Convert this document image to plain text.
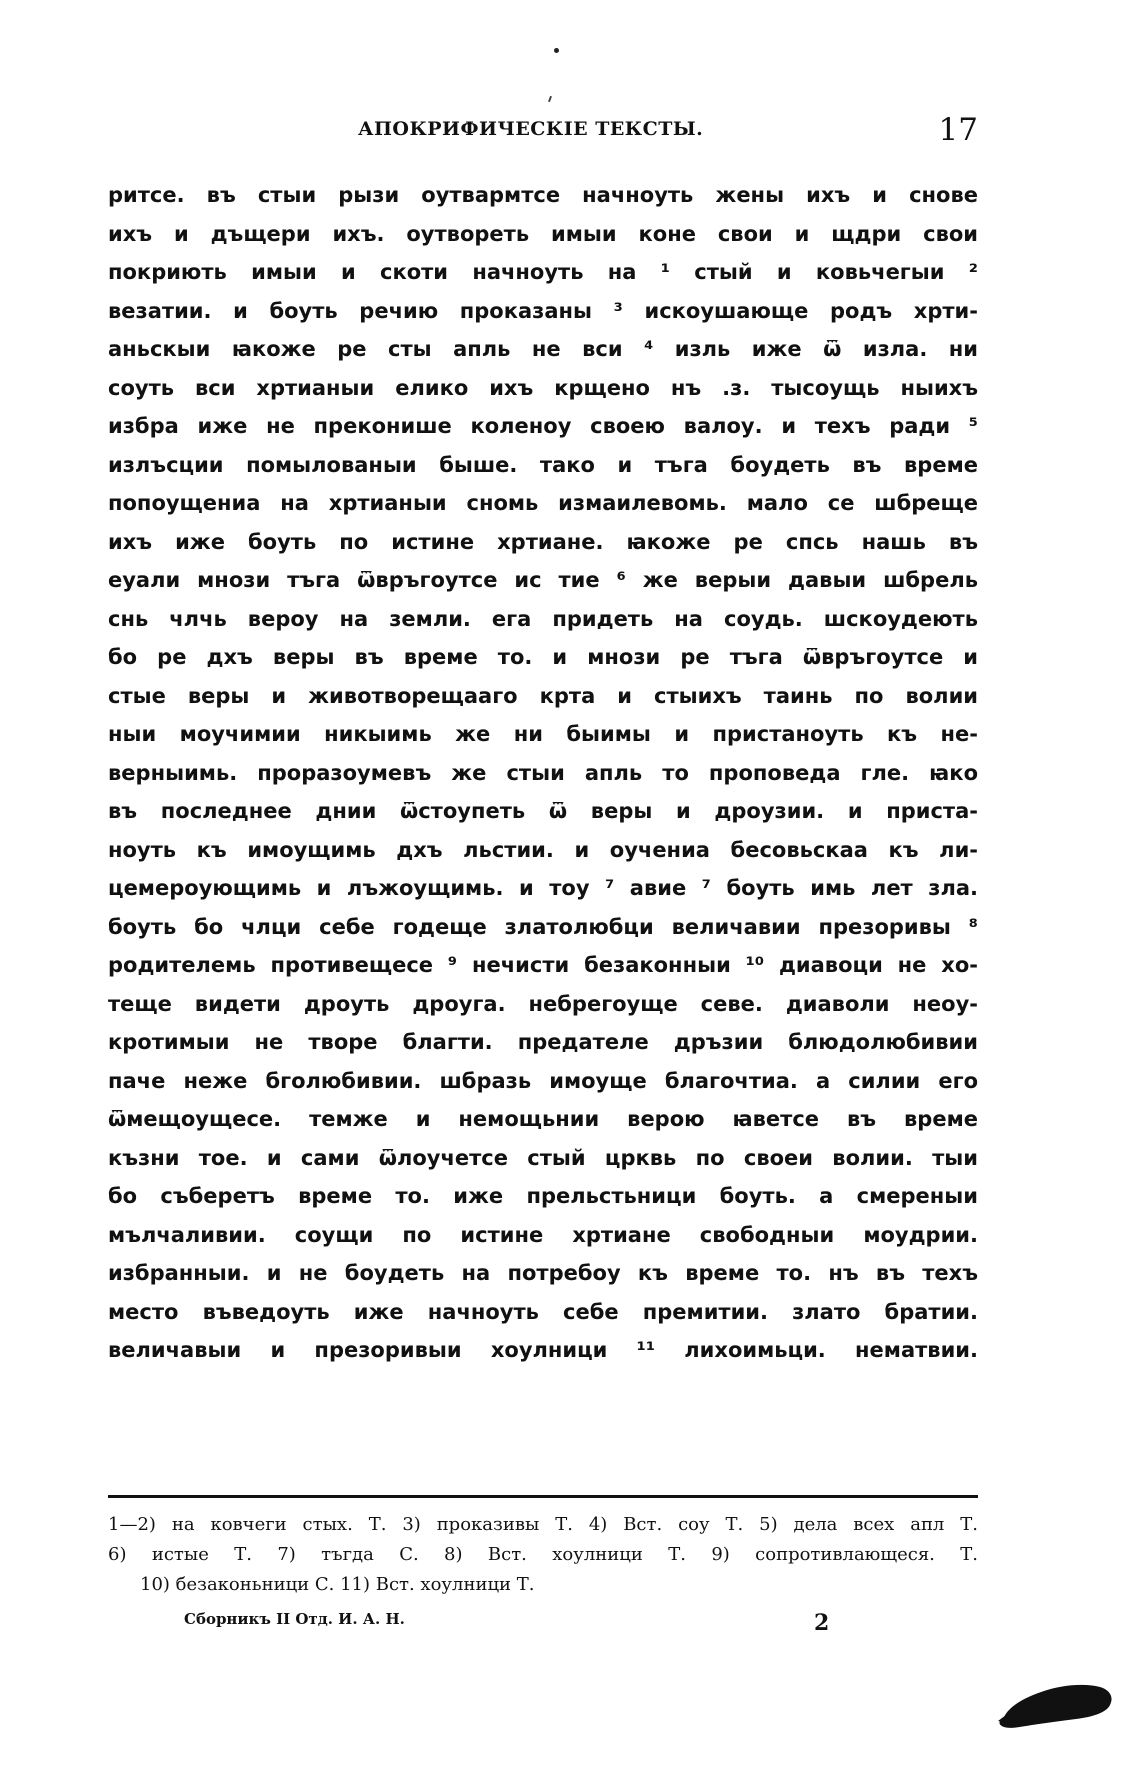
АПОКРИФИЧЕСКІЕ ТЕКСТЫ.	17
ритсе. въ стыи рызи оутвармтсе начноуть жены ихъ и снове
ихъ и дъщери ихъ. оутвореть имыи коне свои и щдри свои
покриють имыи и скоти начноуть на ¹ стый и ковьчегыи ²
везатии. и боуть речию проказаны ³ искоушающе родъ хрти-
аньскыи ꙗкоже ре сты апль не вси ⁴ изль иже ѿ изла. ни
соуть вси хртианыи елико ихъ крщено нъ .з. тысоущь ныихъ
избра иже не преконише коленоу своею валоу. и техъ ради ⁵
излъсции помылованыи быше. тако и тъга боудеть въ време
попоущениа на хртианыи сномь измаилевомь. мало се шбреще
ихъ иже боуть по истине хртиане. ꙗкоже ре спсь нашь въ
еуали мнози тъга ѿвръгоутсе ис тие ⁶ же верыи давыи шбрель
снь члчь вероу на земли. ега придеть на соудь. шскоудеють
бо ре дхъ веры въ време то. и мнози ре тъга ѿвръгоутсе и
стые веры и животворещааго крта и стыихъ таинь по волии
ныи моучимии никыимь же ни быимы и пристаноуть къ не-
верныимь. проразоумевъ же стыи апль то проповеда гле. ꙗко
въ последнее днии ѿстоупеть ѿ веры и дроузии. и приста-
ноуть къ имоущимь дхъ льстии. и оучениа бесовьскаа къ ли-
цемероующимь и лъжоущимь. и тоу ⁷ авие ⁷ боуть имь лет зла.
боуть бо члци себе годеще златолюбци величавии презоривы ⁸
родителемь противещесе ⁹ нечисти безаконныи ¹⁰ диавоци не хо-
теще видети дроуть дроуга. небрегоуще севе. диаволи неоу-
кротимыи не творе благти. предателе дръзии блюдолюбивии
паче неже бголюбивии. шбразь имоуще благочтиа. а силии его
ѿмещоущесе. темже и немощьнии верою ꙗветсе въ време
къзни тое. и сами ѿлоучетсе стый црквь по своеи волии. тыи
бо съберетъ време то. иже прельстьници боуть. а смереныи
мълчаливии. соущи по истине хртиане свободныи моудрии.
избранныи. и не боудеть на потребоу къ време то. нъ въ техъ
место въведоуть иже начноуть себе премитии. злато братии.
величавыи и презоривыи хоулници ¹¹ лихоимьци. нематвии.
1—2) на ковчеги стых. Т. 3) проказивы Т. 4) Вст. соу Т. 5) дела всех апл Т.
6) истые Т. 7) тъгда С. 8) Вст. хоулници Т. 9) сопротивлающеся. Т.
10) безаконьници С. 11) Вст. хоулници Т.
Сборникъ II Отд. И. А. Н.	2
